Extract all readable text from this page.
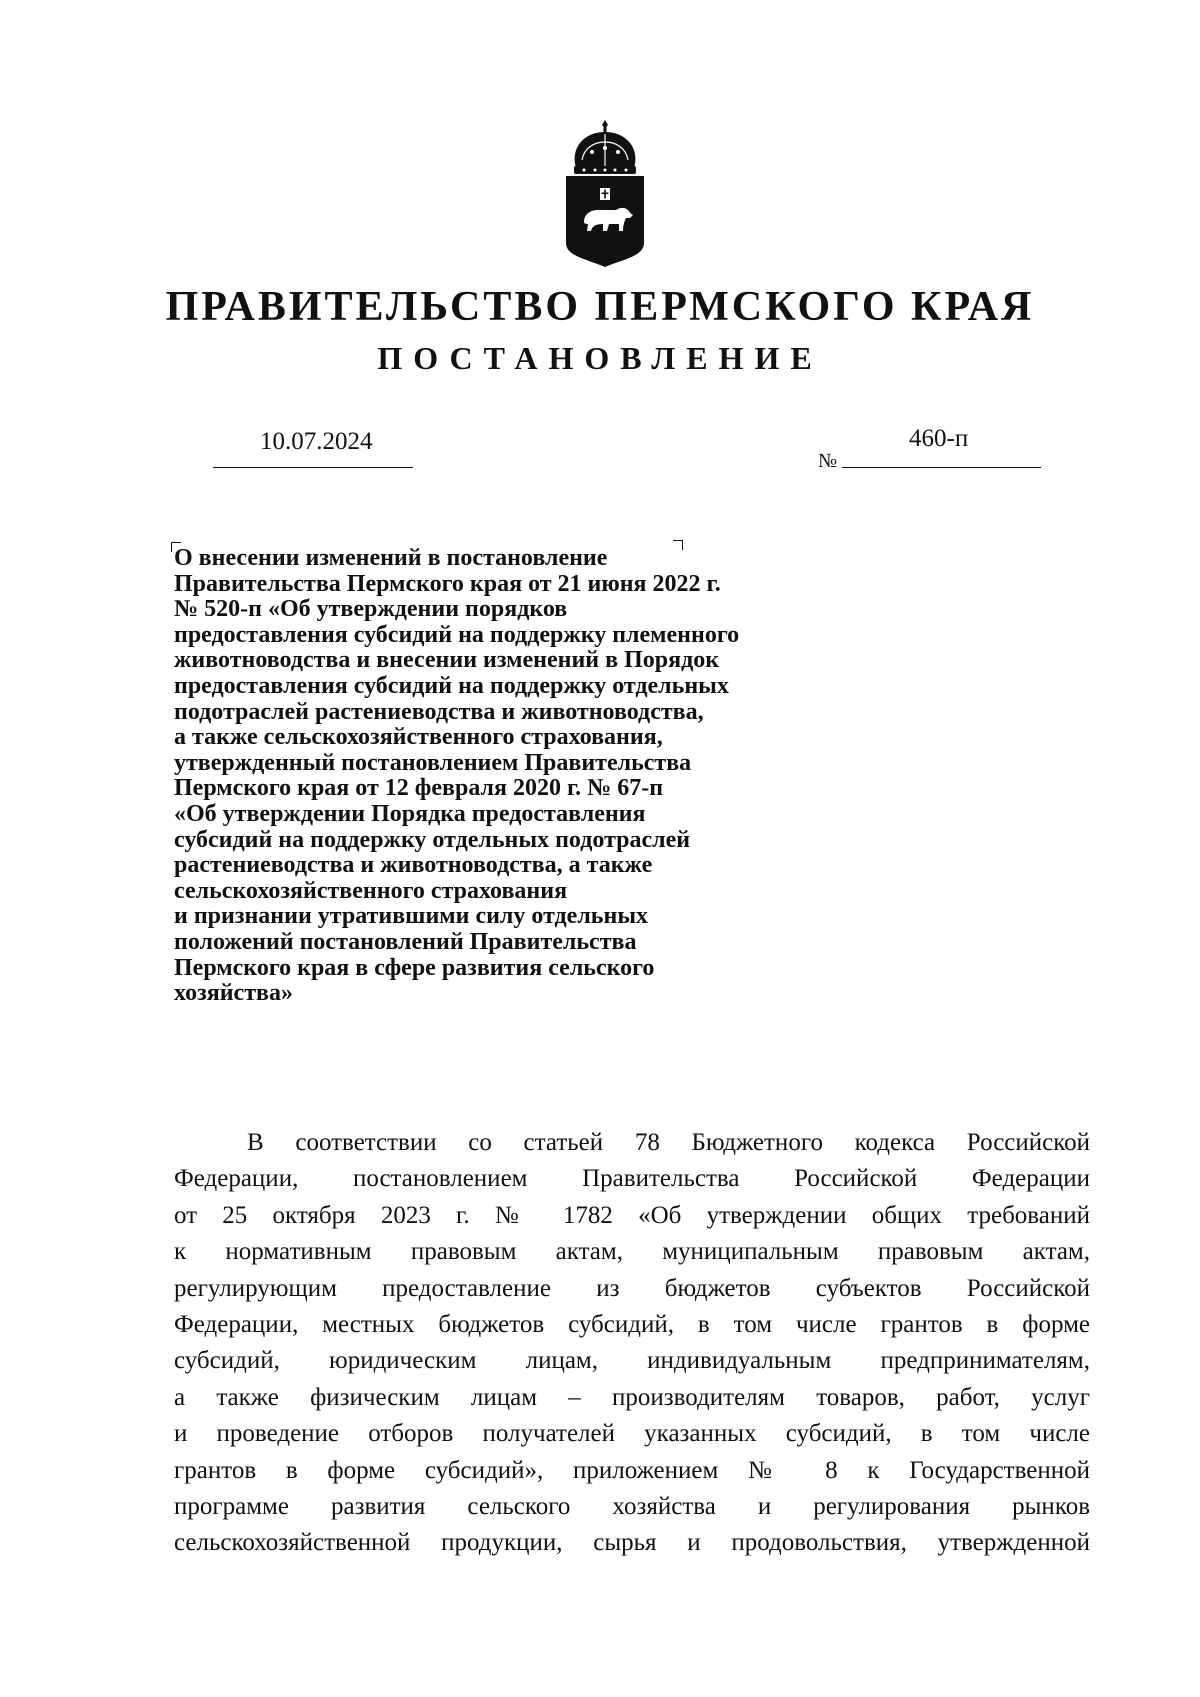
ПРАВИТЕЛЬСТВО ПЕРМСКОГО КРАЯ
ПОСТАНОВЛЕНИЕ
10.07.2024
№
460-п
О внесении изменений в постановление
Правительства Пермского края от 21 июня 2022 г.
№ 520-п «Об утверждении порядков
предоставления субсидий на поддержку племенного
животноводства и внесении изменений в Порядок
предоставления субсидий на поддержку отдельных
подотраслей растениеводства и животноводства,
а также сельскохозяйственного страхования,
утвержденный постановлением Правительства
Пермского края от 12 февраля 2020 г. № 67-п
«Об утверждении Порядка предоставления
субсидий на поддержку отдельных подотраслей
растениеводства и животноводства, а также
сельскохозяйственного страхования
и признании утратившими силу отдельных
положений постановлений Правительства
Пермского края в сфере развития сельского
хозяйства»
В соответствии со статьей 78 Бюджетного кодекса Российской
Федерации, постановлением Правительства Российской Федерации
от 25 октября 2023 г. № 1782 «Об утверждении общих требований
к нормативным правовым актам, муниципальным правовым актам,
регулирующим предоставление из бюджетов субъектов Российской
Федерации, местных бюджетов субсидий, в том числе грантов в форме
субсидий, юридическим лицам, индивидуальным предпринимателям,
а также физическим лицам – производителям товаров, работ, услуг
и проведение отборов получателей указанных субсидий, в том числе
грантов в форме субсидий», приложением № 8 к Государственной
программе развития сельского хозяйства и регулирования рынков
сельскохозяйственной продукции, сырья и продовольствия, утвержденной
